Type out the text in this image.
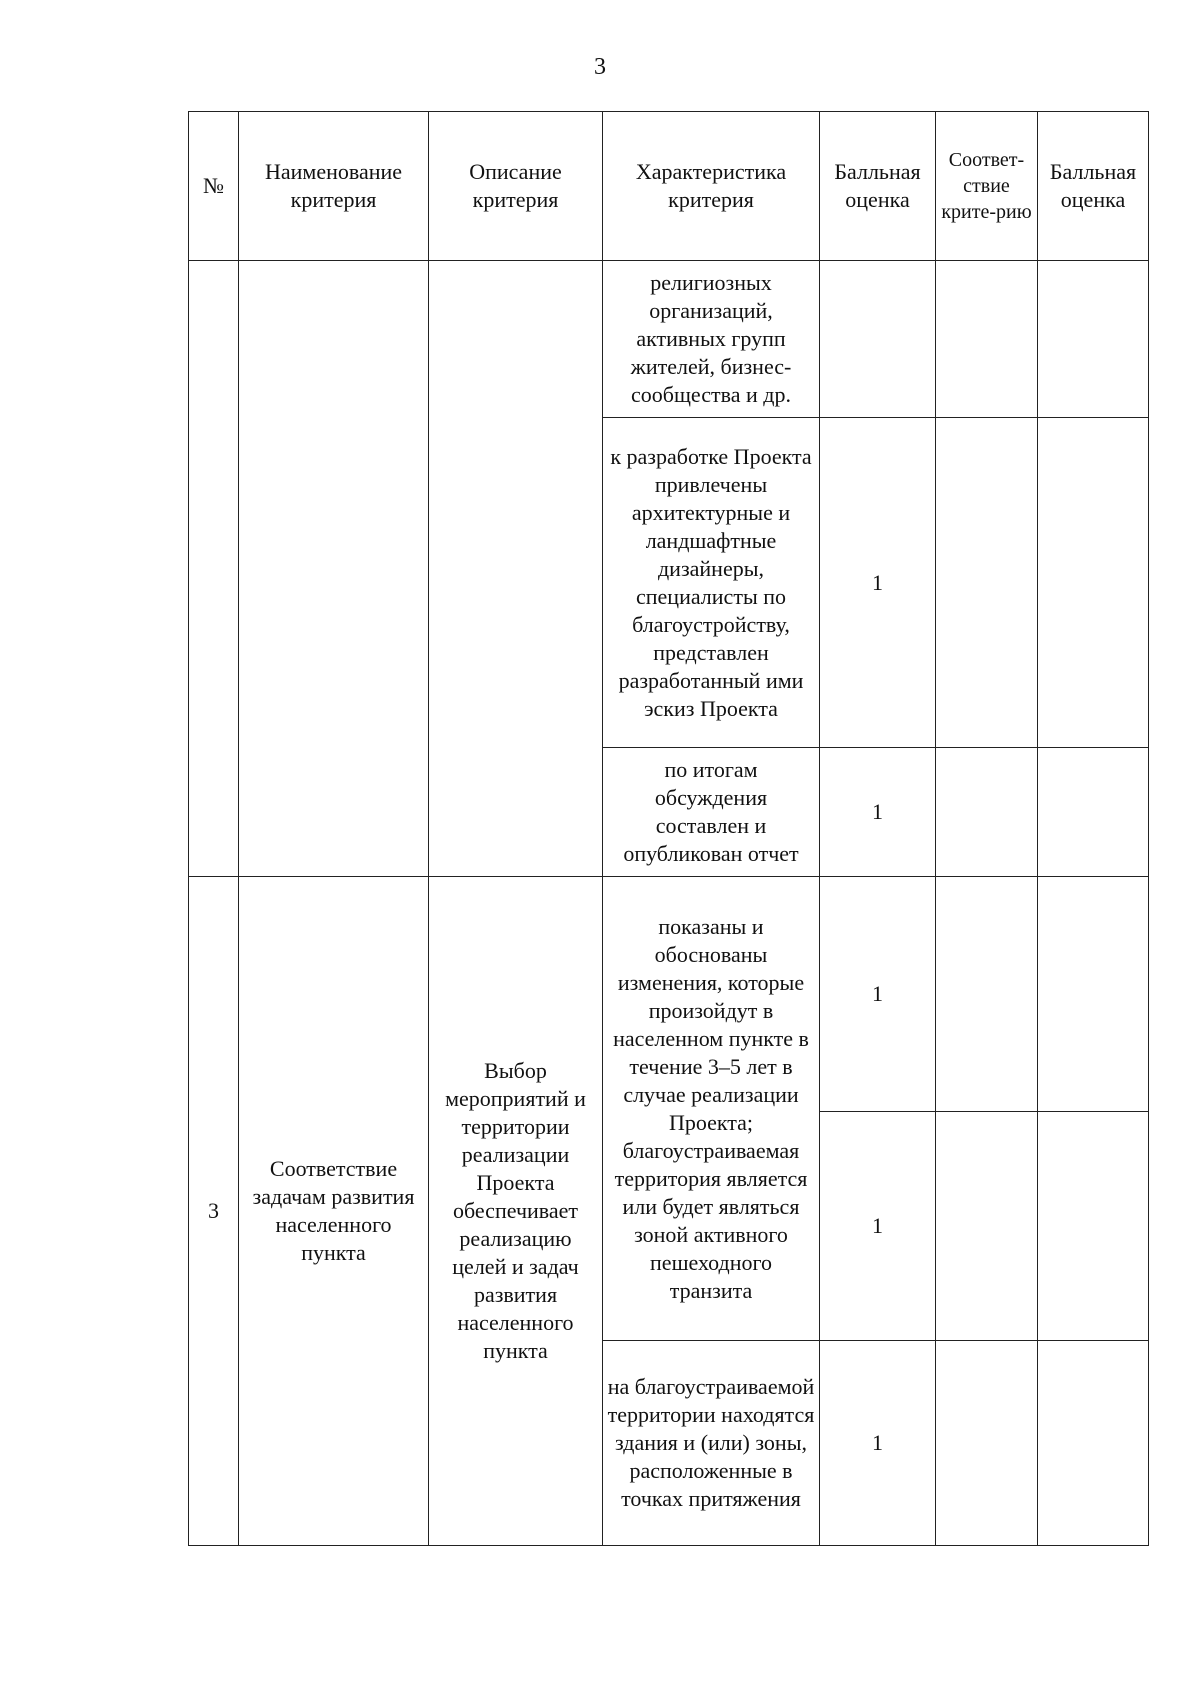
3
№	Наименование критерия	Описание критерия	Характеристика критерия	Балльная оценка	Соответ-ствие крите-рию	Балльная оценка
			религиозных организаций, активных групп жителей, бизнес-сообщества и др.			
			к разработке Проекта привлечены архитектурные и ландшафтные дизайнеры, специалисты по благоустройству, представлен разработанный ими эскиз Проекта	1		
			по итогам обсуждения составлен и опубликован отчет	1		
3	Соответствие задачам развития населенного пункта	Выбор мероприятий и территории реализации Проекта обеспечивает реализацию целей и задач развития населенного пункта	показаны и обоснованы изменения, которые произойдут в населенном пункте в течение 3–5 лет в случае реализации Проекта; благоустраиваемая территория является или будет являться зоной активного пешеходного транзита	1		
				1		
			на благоустраиваемой территории находятся здания и (или) зоны, расположенные в точках притяжения	1		
